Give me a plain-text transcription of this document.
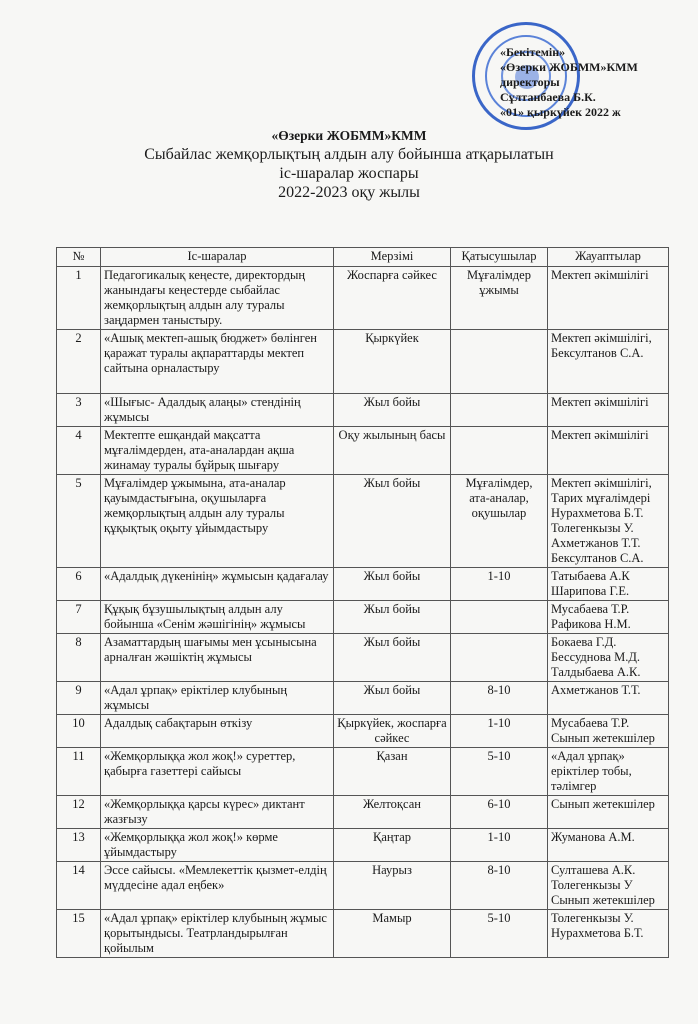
«Бекітемін»
«Өзерки ЖОБММ»КММ
директоры
Сұлтанбаева Б.К.
«01» қыркүйек 2022 ж
«Өзерки ЖОБММ»КММ
Сыбайлас жемқорлықтың алдын алу бойынша атқарылатын
іс-шаралар жоспары
2022-2023 оқу жылы
№	Іс-шаралар	Мерзімі	Қатысушылар	Жауаптылар
1	Педагогикалық кеңесте, директордың жанындағы кеңестерде сыбайлас жемқорлықтың алдын алу туралы заңдармен таныстыру.	Жоспарға сәйкес	Мұғалімдер ұжымы	Мектеп әкімшілігі
2	«Ашық мектеп-ашық бюджет» бөлінген қаражат туралы ақпараттарды мектеп сайтына орналастыру	Қыркүйек		Мектеп әкімшілігі, Бексултанов С.А.
3	«Шығыс- Адалдық алаңы» стендінің жұмысы	Жыл бойы		Мектеп әкімшілігі
4	Мектепте ешқандай мақсатта мұғалімдерден, ата-аналардан ақша жинамау туралы бұйрық шығару	Оқу жылының басы		Мектеп әкімшілігі
5	Мұғалімдер ұжымына, ата-аналар қауымдастығына, оқушыларға жемқорлықтың алдын алу туралы құқықтық оқыту ұйымдастыру	Жыл бойы	Мұғалімдер, ата-аналар, оқушылар	Мектеп әкімшілігі, Тарих мұғалімдері Нурахметова Б.Т. Толегенкызы У. Ахметжанов Т.Т. Бексултанов С.А.
6	«Адалдық дүкенінің» жұмысын қадағалау	Жыл бойы	1-10	Татыбаева А.К Шарипова Г.Е.
7	Құқық бұзушылықтың алдын алу бойынша «Сенім жәшігінің» жұмысы	Жыл бойы		Мусабаева Т.Р. Рафикова Н.М.
8	Азаматтардың шағымы мен ұсынысына арналған жәшіктің жұмысы	Жыл бойы		Бокаева Г.Д. Бессуднова М.Д. Талдыбаева А.К.
9	«Адал ұрпақ» еріктілер клубының жұмысы	Жыл бойы	8-10	Ахметжанов Т.Т.
10	Адалдық сабақтарын өткізу	Қыркүйек, жоспарға сәйкес	1-10	Мусабаева Т.Р. Сынып жетекшілер
11	«Жемқорлыққа жол жоқ!» суреттер, қабырға газеттері сайысы	Қазан	5-10	«Адал ұрпақ» еріктілер тобы, тәлімгер
12	«Жемқорлыққа қарсы күрес» диктант жазғызу	Желтоқсан	6-10	Сынып жетекшілер
13	«Жемқорлыққа жол жоқ!» көрме ұйымдастыру	Қаңтар	1-10	Жуманова А.М.
14	Эссе сайысы. «Мемлекеттік қызмет-елдің мүддесіне адал еңбек»	Наурыз	8-10	Султашева А.К. Толегенкызы У Сынып жетекшілер
15	«Адал ұрпақ» еріктілер клубының жұмыс қорытындысы. Театрландырылған қойылым	Мамыр	5-10	Толегенкызы У. Нурахметова Б.Т.
